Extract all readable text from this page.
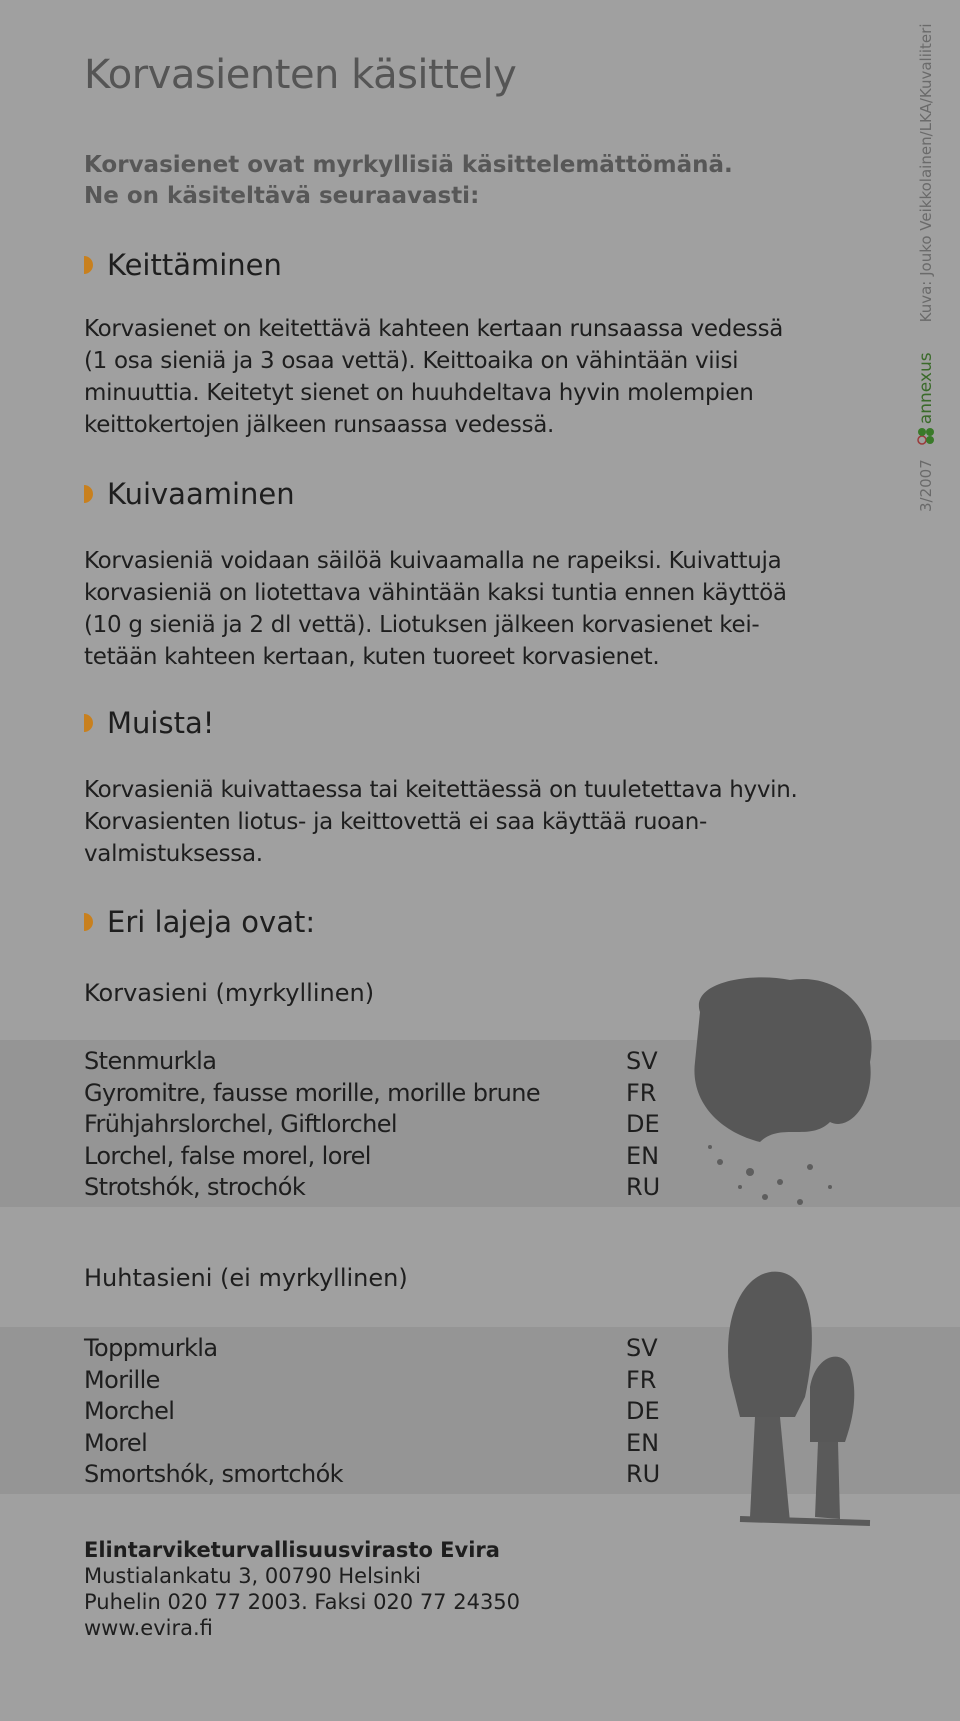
Korvasienten käsittely
Korvasienet ovat myrkyllisiä käsittelemättömänä.
Ne on käsiteltävä seuraavasti:
Keittäminen
Korvasienet on keitettävä kahteen kertaan runsaassa vedessä
(1 osa sieniä ja 3 osaa vettä). Keittoaika on vähintään viisi
minuuttia. Keitetyt sienet on huuhdeltava hyvin molempien
keittokertojen jälkeen runsaassa vedessä.
Kuivaaminen
Korvasieniä voidaan säilöä kuivaamalla ne rapeiksi. Kuivattuja
korvasieniä on liotettava vähintään kaksi tuntia ennen käyttöä
(10 g sieniä ja 2 dl vettä). Liotuksen jälkeen korvasienet kei-
tetään kahteen kertaan, kuten tuoreet korvasienet.
Muista!
Korvasieniä kuivattaessa tai keitettäessä on tuuletettava hyvin.
Korvasienten liotus- ja keittovettä ei saa käyttää ruoan-
valmistuksessa.
Eri lajeja ovat:
Korvasieni (myrkyllinen)
Huhtasieni (ei myrkyllinen)
Stenmurkla	SV
Gyromitre, fausse morille, morille brune	FR
Frühjahrslorchel, Giftlorchel	DE
Lorchel, false morel, lorel	EN
Strotshók, strochók	RU
Toppmurkla	SV
Morille	FR
Morchel	DE
Morel	EN
Smortshók, smortchók	RU
Elintarviketurvallisuusvirasto Evira
Mustialankatu 3, 00790 Helsinki
Puhelin 020 77 2003. Faksi 020 77 24350
www.evira.fi
3/2007
annexus
Kuva: Jouko Veikkolainen/LKA/Kuvaliiteri
